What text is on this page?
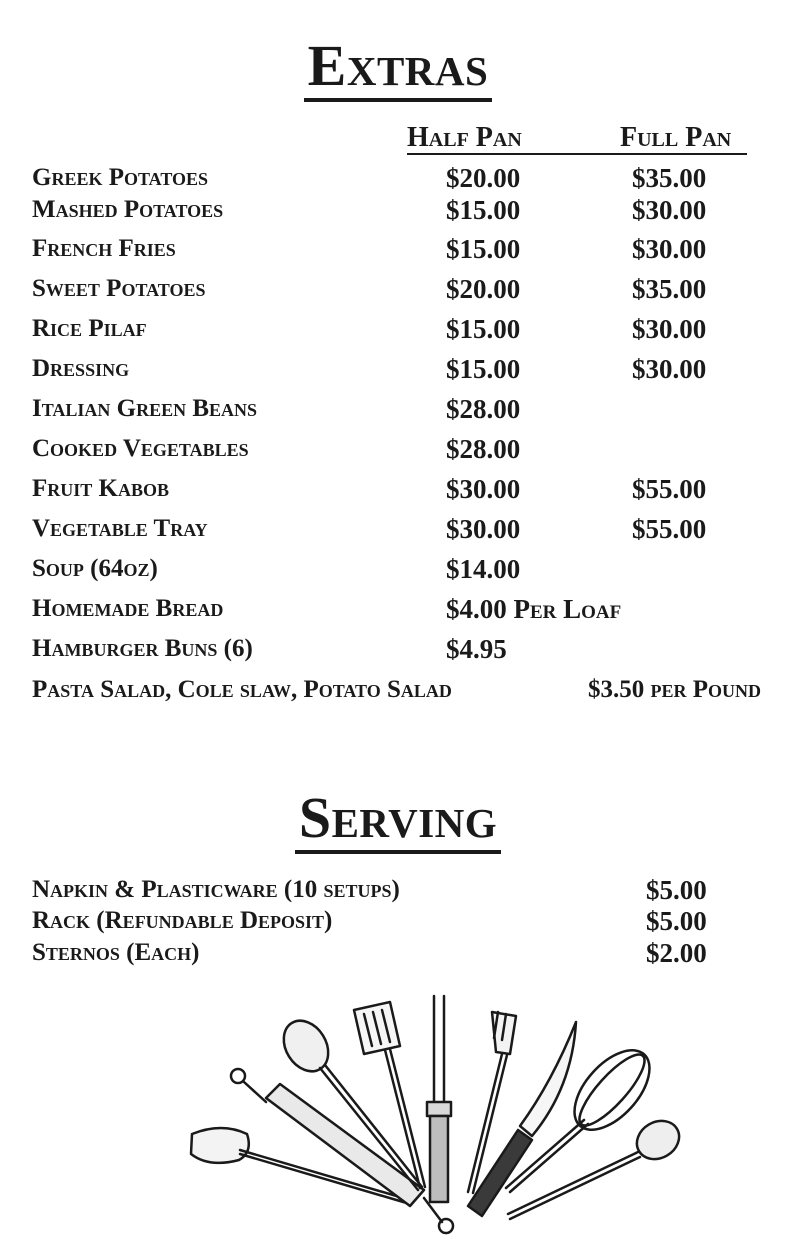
Extras
Half Pan	Full Pan
Greek Potatoes	$20.00	$35.00
Mashed Potatoes	$15.00	$30.00
French Fries	$15.00	$30.00
Sweet Potatoes	$20.00	$35.00
Rice Pilaf	$15.00	$30.00
Dressing	$15.00	$30.00
Italian Green Beans	$28.00
Cooked Vegetables	$28.00
Fruit Kabob	$30.00	$55.00
Vegetable Tray	$30.00	$55.00
Soup (64oz)	$14.00
Homemade Bread	$4.00 Per Loaf
Hamburger Buns (6)	$4.95
Pasta Salad, Cole slaw, Potato Salad	$3.50 per Pound
Serving
Napkin & Plasticware (10 setups)	$5.00
Rack (Refundable Deposit)	$5.00
Sternos (Each)	$2.00
